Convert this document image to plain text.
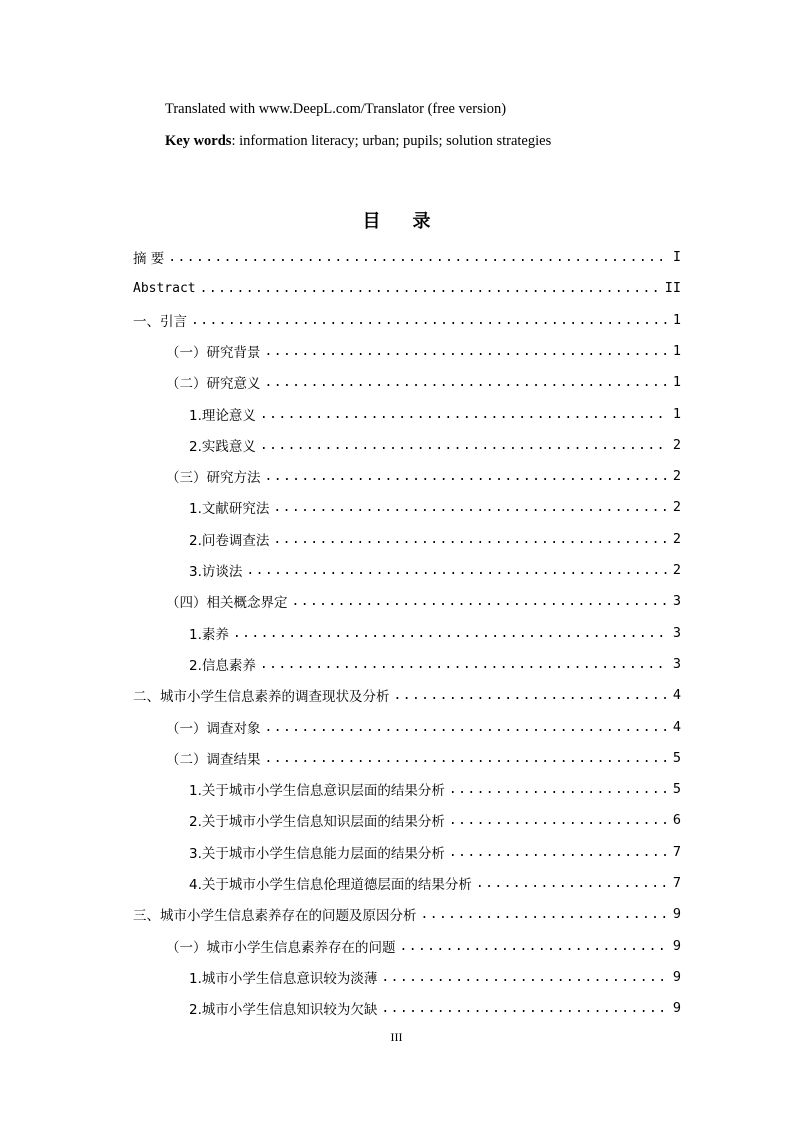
Translated with www.DeepL.com/Translator (free version)
Key words: information literacy; urban; pupils; solution strategies
目 录
摘 要 .....	I
Abstract .....	II
一、引言 .....	1
（一）研究背景 .....	1
（二）研究意义 .....	1
1.理论意义 .....	1
2.实践意义 .....	2
（三）研究方法 .....	2
1.文献研究法 .....	2
2.问卷调查法 .....	2
3.访谈法 .....	2
（四）相关概念界定 .....	3
1.素养 .....	3
2.信息素养 .....	3
二、城市小学生信息素养的调查现状及分析 .....	4
（一）调查对象 .....	4
（二）调查结果 .....	5
1.关于城市小学生信息意识层面的结果分析 .....	5
2.关于城市小学生信息知识层面的结果分析 .....	6
3.关于城市小学生信息能力层面的结果分析 .....	7
4.关于城市小学生信息伦理道德层面的结果分析 .....	7
三、城市小学生信息素养存在的问题及原因分析 .....	9
（一）城市小学生信息素养存在的问题 .....	9
1.城市小学生信息意识较为淡薄 .....	9
2.城市小学生信息知识较为欠缺 .....	9
III
